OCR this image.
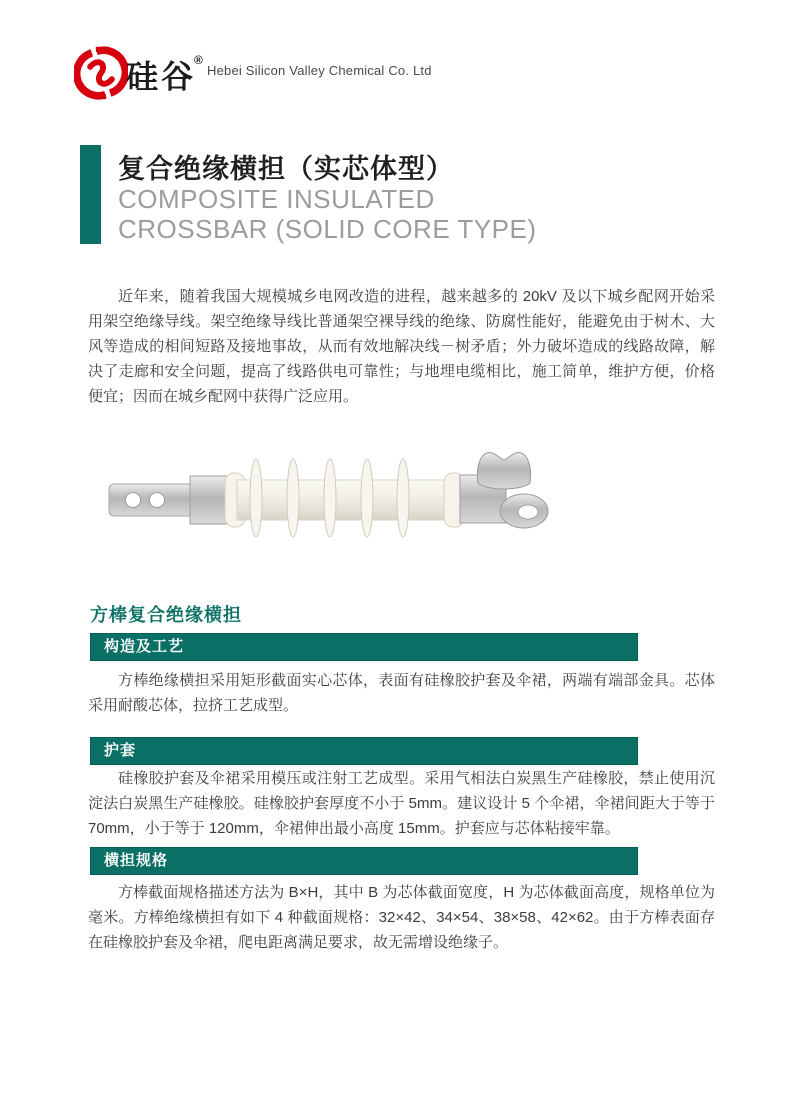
硅谷®
Hebei Silicon Valley Chemical Co. Ltd
复合绝缘横担（实芯体型）
COMPOSITE INSULATED
CROSSBAR (SOLID CORE TYPE)

近年来，随着我国大规模城乡电网改造的进程，越来越多的 20kV 及以下城乡配网开始采用架空绝缘导线。架空绝缘导线比普通架空裸导线的绝缘、防腐性能好，能避免由于树木、大风等造成的相间短路及接地事故，从而有效地解决线－树矛盾；外力破坏造成的线路故障，解决了走廊和安全问题，提高了线路供电可靠性；与地埋电缆相比，施工简单，维护方便，价格便宜；因而在城乡配网中获得广泛应用。

方棒复合绝缘横担
构造及工艺

方棒绝缘横担采用矩形截面实心芯体，表面有硅橡胶护套及伞裙，两端有端部金具。芯体采用耐酸芯体，拉挤工艺成型。

护套

硅橡胶护套及伞裙采用模压或注射工艺成型。采用气相法白炭黑生产硅橡胶，禁止使用沉淀法白炭黑生产硅橡胶。硅橡胶护套厚度不小于 5mm。建议设计 5 个伞裙，伞裙间距大于等于 70mm，小于等于 120mm，伞裙伸出最小高度 15mm。护套应与芯体粘接牢靠。

横担规格

方棒截面规格描述方法为 B×H，其中 B 为芯体截面宽度，H 为芯体截面高度，规格单位为毫米。方棒绝缘横担有如下 4 种截面规格：32×42、34×54、38×58、42×62。由于方棒表面存在硅橡胶护套及伞裙，爬电距离满足要求，故无需增设绝缘子。
